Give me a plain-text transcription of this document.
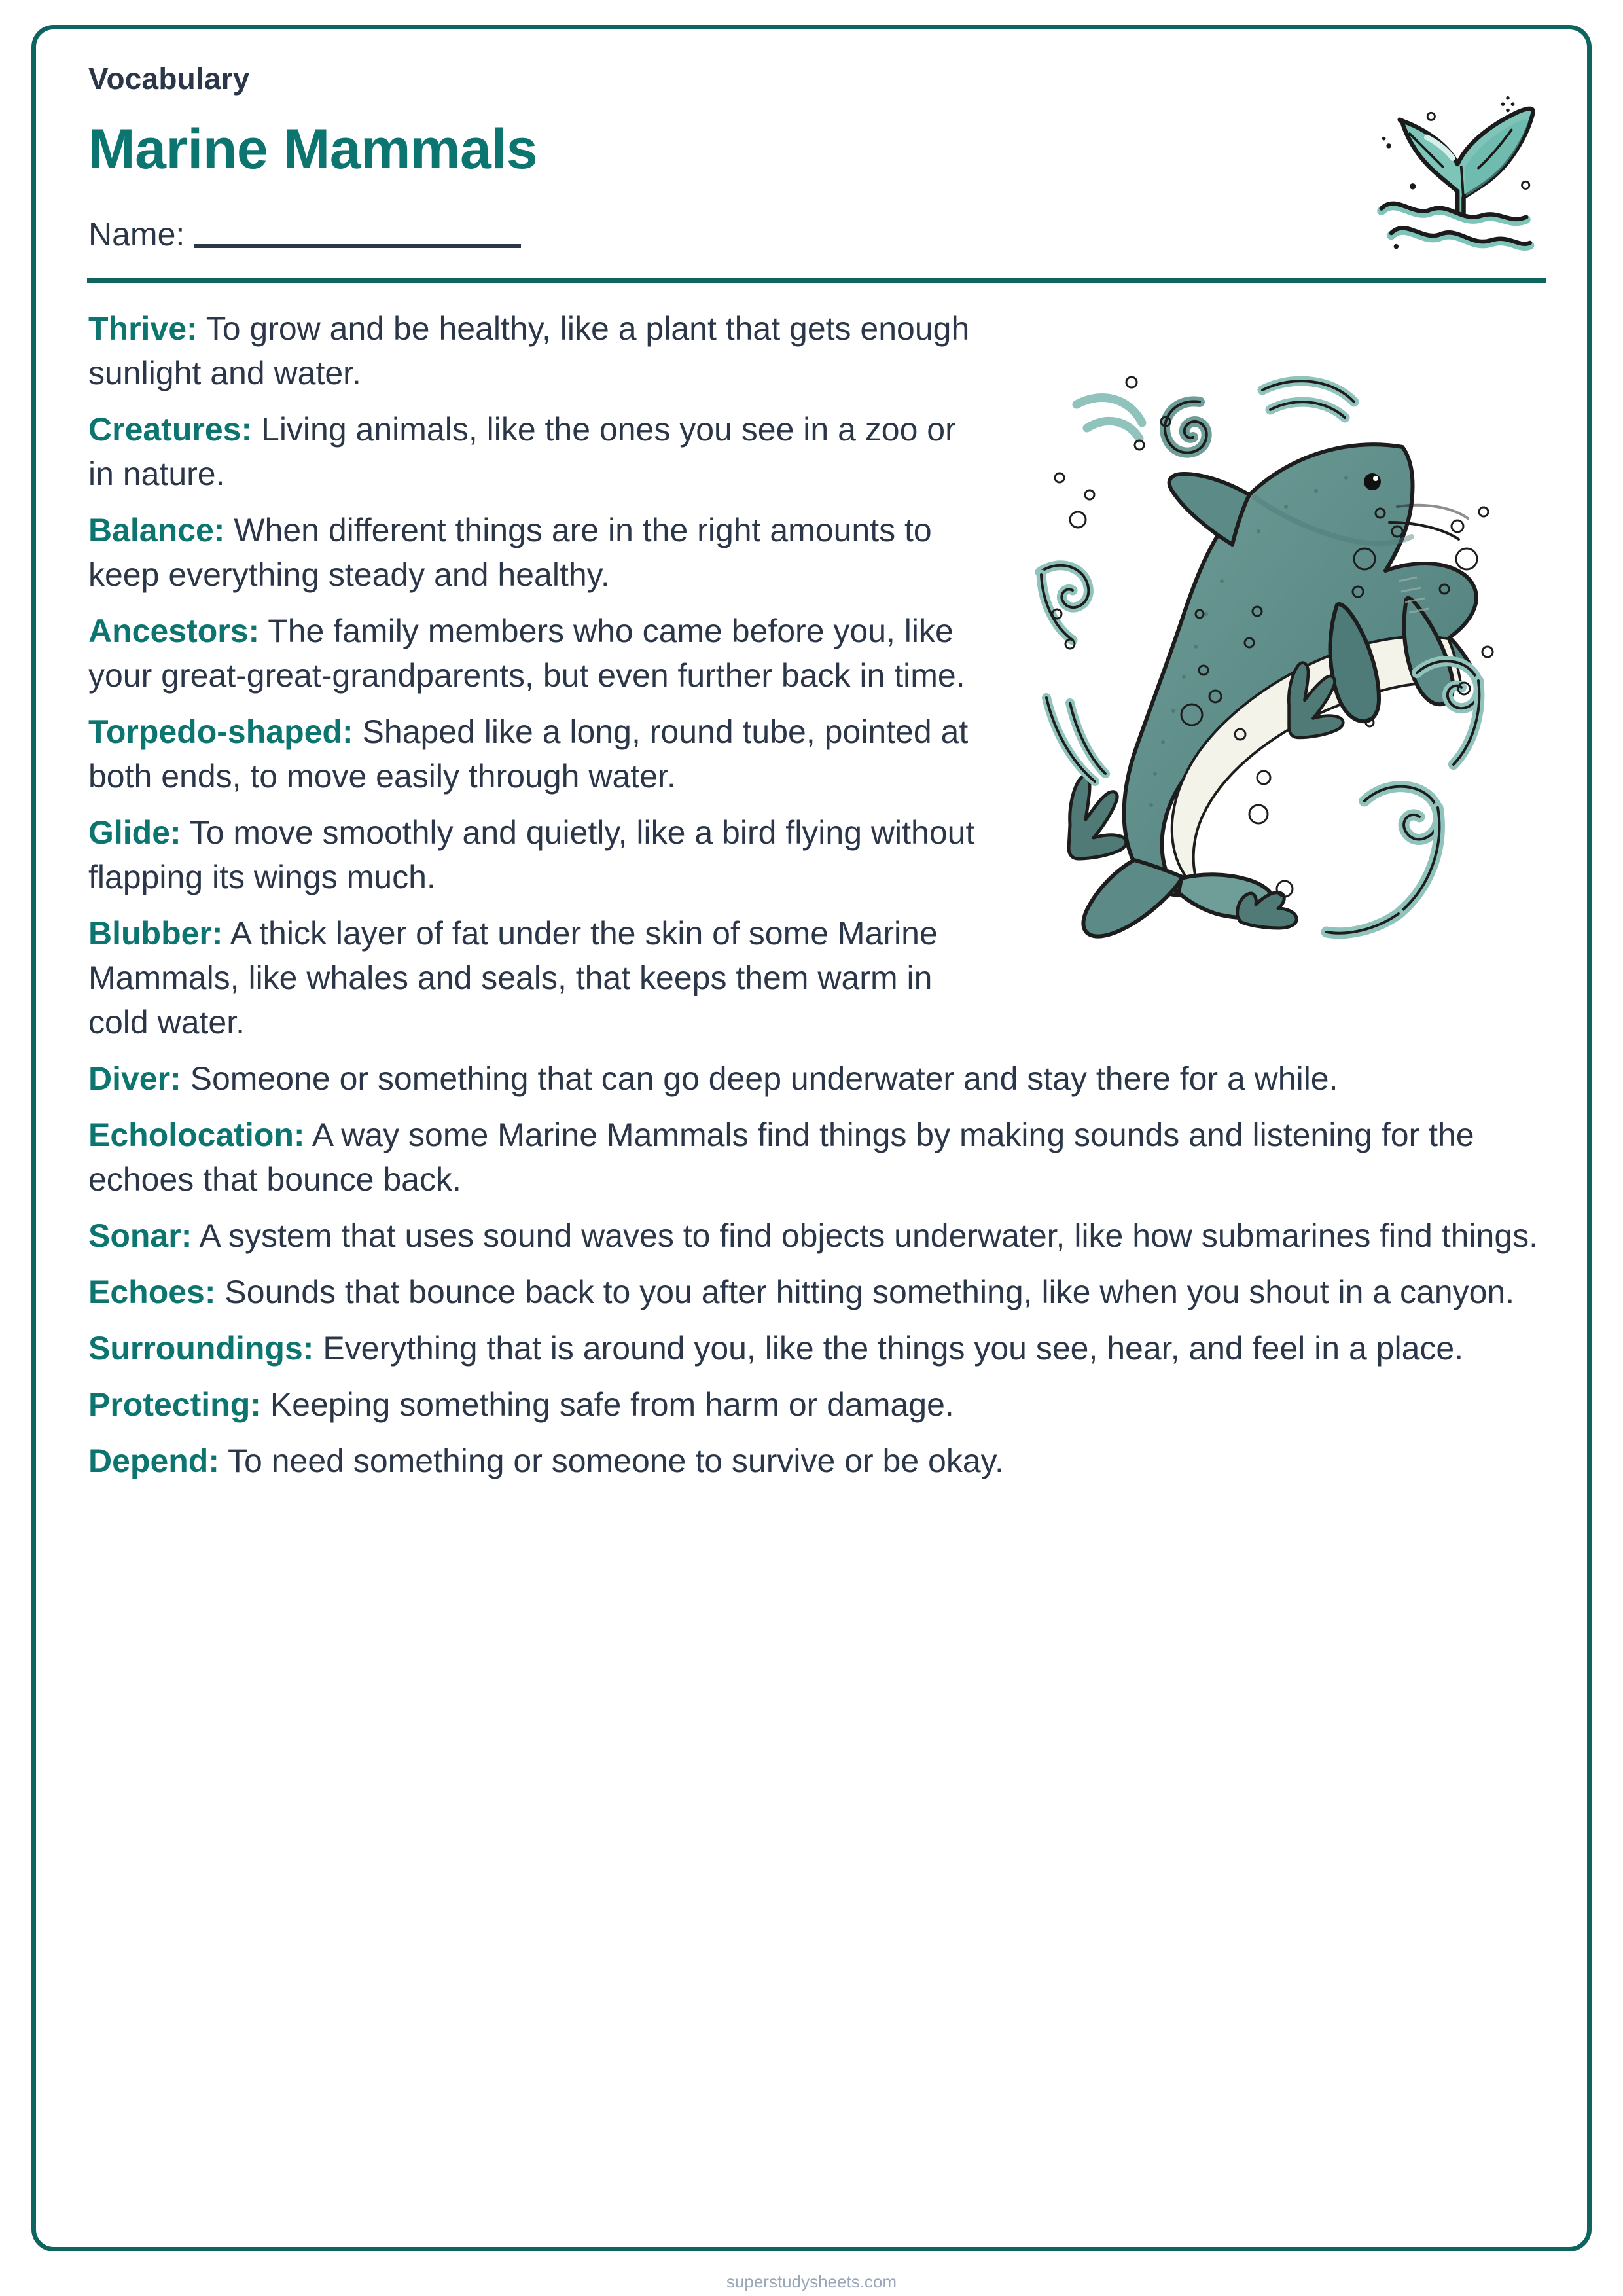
Vocabulary
Marine Mammals
Name:

Thrive: To grow and be healthy, like a plant that gets enough sunlight and water.

Creatures: Living animals, like the ones you see in a zoo or in nature.

Balance: When different things are in the right amounts to keep everything steady and healthy.

Ancestors: The family members who came before you, like your great-great-grandparents, but even further back in time.

Torpedo-shaped: Shaped like a long, round tube, pointed at both ends, to move easily through water.

Glide: To move smoothly and quietly, like a bird flying without flapping its wings much.

Blubber: A thick layer of fat under the skin of some Marine Mammals, like whales and seals, that keeps them warm in cold water.

Diver: Someone or something that can go deep underwater and stay there for a while.

Echolocation: A way some Marine Mammals find things by making sounds and listening for the echoes that bounce back.

Sonar: A system that uses sound waves to find objects underwater, like how submarines find things.

Echoes: Sounds that bounce back to you after hitting something, like when you shout in a canyon.

Surroundings: Everything that is around you, like the things you see, hear, and feel in a place.

Protecting: Keeping something safe from harm or damage.

Depend: To need something or someone to survive or be okay.

superstudysheets.com
